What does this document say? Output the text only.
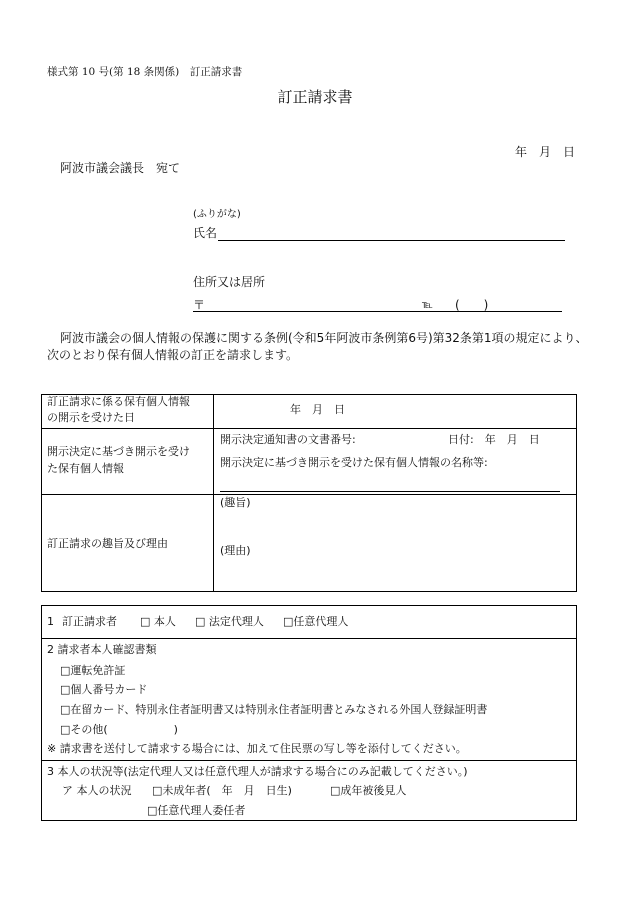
様式第 10 号(第 18 条関係)　訂正請求書
訂正請求書
年　月　日
阿波市議会議長　宛て
(ふりがな)
氏名
住所又は居所
〒	℡ (　　)
阿波市議会の個人情報の保護に関する条例(令和5年阿波市条例第6号)第32条第1項の規定により、
次のとおり保有個人情報の訂正を請求します。
訂正請求に係る保有個人情報
の開示を受けた日
年　月　日
開示決定に基づき開示を受け
た保有個人情報
開示決定通知書の文書番号:	日付:　年　月　日
開示決定に基づき開示を受けた保有個人情報の名称等:
訂正請求の趣旨及び理由
(趣旨)
(理由)
1 訂正請求者 □ 本人 □ 法定代理人 □任意代理人
2 請求者本人確認書類
□運転免許証
□個人番号カード
□在留カード、特別永住者証明書又は特別永住者証明書とみなされる外国人登録証明書
□その他(　　　　　　)
※ 請求書を送付して請求する場合には、加えて住民票の写し等を添付してください。
3 本人の状況等(法定代理人又は任意代理人が請求する場合にのみ記載してください。)
ア 本人の状況 □未成年者(　年　月　日生)	□成年被後見人
□任意代理人委任者
